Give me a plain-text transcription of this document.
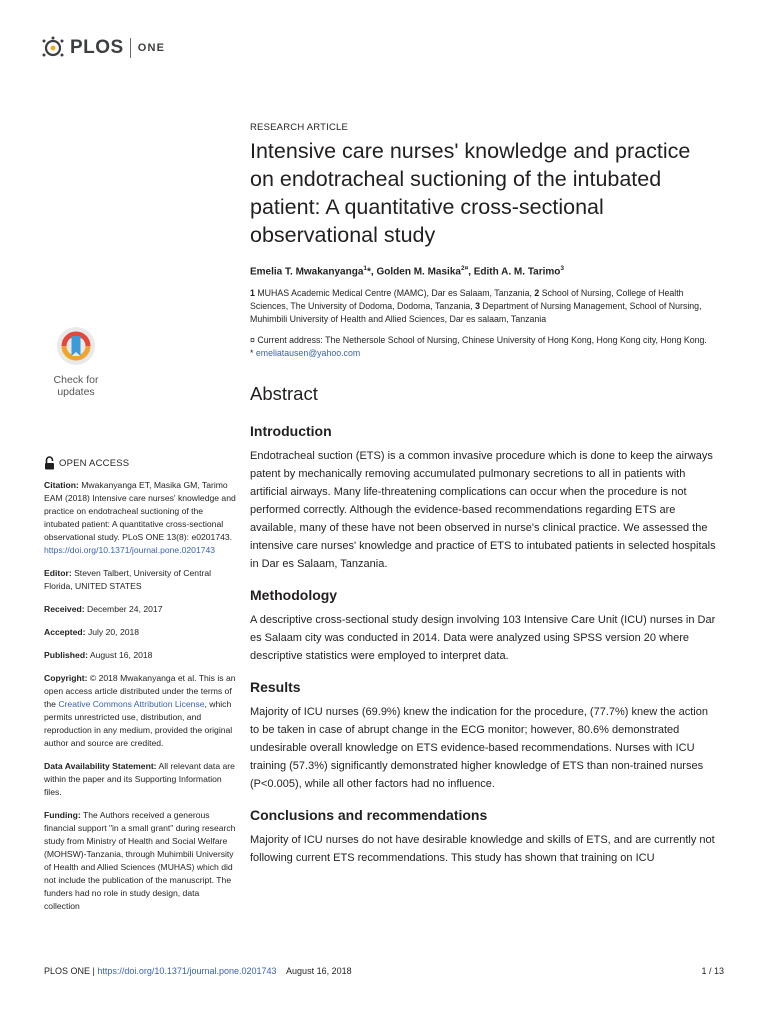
PLOS ONE
Check for
updates
OPEN ACCESS
Citation: Mwakanyanga ET, Masika GM, Tarimo EAM (2018) Intensive care nurses' knowledge and practice on endotracheal suctioning of the intubated patient: A quantitative cross-sectional observational study. PLoS ONE 13(8): e0201743. https://doi.org/10.1371/journal.pone.0201743
Editor: Steven Talbert, University of Central Florida, UNITED STATES
Received: December 24, 2017
Accepted: July 20, 2018
Published: August 16, 2018
Copyright: © 2018 Mwakanyanga et al. This is an open access article distributed under the terms of the Creative Commons Attribution License, which permits unrestricted use, distribution, and reproduction in any medium, provided the original author and source are credited.
Data Availability Statement: All relevant data are within the paper and its Supporting Information files.
Funding: The Authors received a generous financial support "in a small grant" during research study from Ministry of Health and Social Welfare (MOHSW)-Tanzania, through Muhimbili University of Health and Allied Sciences (MUHAS) which did not include the publication of the manuscript. The funders had no role in study design, data collection
RESEARCH ARTICLE
Intensive care nurses' knowledge and practice on endotracheal suctioning of the intubated patient: A quantitative cross-sectional observational study
Emelia T. Mwakanyanga$^1$*, Golden M. Masika$^{2¤}$, Edith A. M. Tarimo$^3$
1 MUHAS Academic Medical Centre (MAMC), Dar es Salaam, Tanzania, 2 School of Nursing, College of Health Sciences, The University of Dodoma, Dodoma, Tanzania, 3 Department of Nursing Management, School of Nursing, Muhimbili University of Health and Allied Sciences, Dar es salaam, Tanzania
¤ Current address: The Nethersole School of Nursing, Chinese University of Hong Kong, Hong Kong city, Hong Kong.
* emeliatausen@yahoo.com
Abstract
Introduction

Endotracheal suction (ETS) is a common invasive procedure which is done to keep the airways patent by mechanically removing accumulated pulmonary secretions to all in patients with artificial airways. Many life-threatening complications can occur when the procedure is not performed correctly. Although the evidence-based recommendations regarding ETS are available, many of these have not been observed in nurse's clinical practice. We assessed the intensive care nurses' knowledge and practice of ETS to intubated patients in selected hospitals in Dar es Salaam, Tanzania.

Methodology

A descriptive cross-sectional study design involving 103 Intensive Care Unit (ICU) nurses in Dar es Salaam city was conducted in 2014. Data were analyzed using SPSS version 20 where descriptive statistics were employed to interpret data.

Results

Majority of ICU nurses (69.9%) knew the indication for the procedure, (77.7%) knew the action to be taken in case of abrupt change in the ECG monitor; however, 80.6% demonstrated undesirable overall knowledge on ETS evidence-based recommendations. Nurses with ICU training (57.3%) significantly demonstrated higher knowledge of ETS than non-trained nurses (P<0.005), while all other factors had no influence.

Conclusions and recommendations

Majority of ICU nurses do not have desirable knowledge and skills of ETS, and are currently not following current ETS recommendations. This study has shown that training on ICU

PLOS ONE | https://doi.org/10.1371/journal.pone.0201743 August 16, 2018	1 / 13
